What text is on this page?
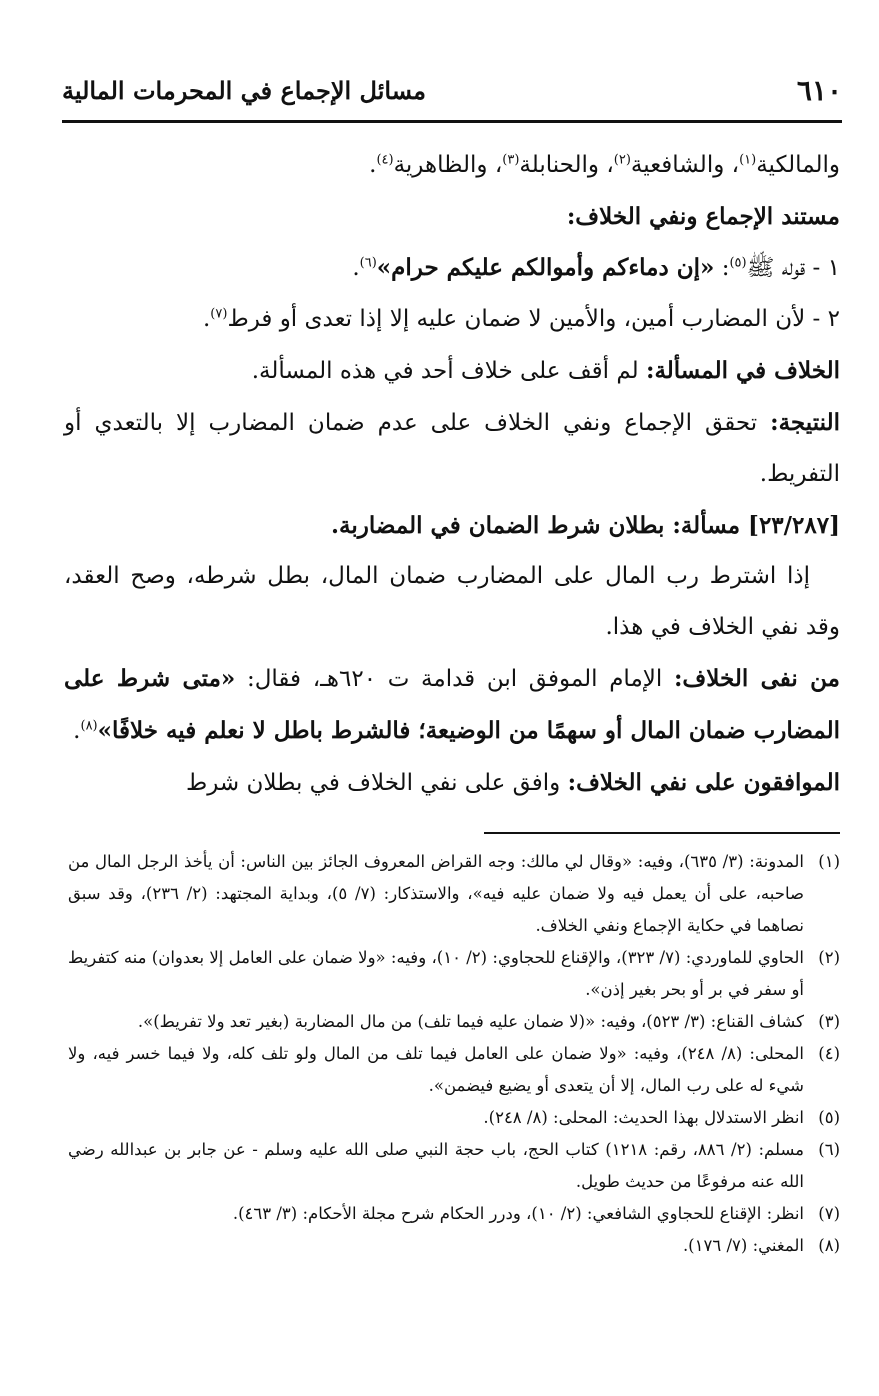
مسائل الإجماع في المحرمات المالية	٦١٠

والمالكية$^{(١)}$، والشافعية$^{(٢)}$، والحنابلة$^{(٣)}$، والظاهرية$^{(٤)}$.

مستند الإجماع ونفي الخلاف:

١ - قوله ﷺ$^{(٥)}$: «إن دماءكم وأموالكم عليكم حرام»$^{(٦)}$.

٢ - لأن المضارب أمين، والأمين لا ضمان عليه إلا إذا تعدى أو فرط$^{(٧)}$.

الخلاف في المسألة: لم أقف على خلاف أحد في هذه المسألة.

النتيجة: تحقق الإجماع ونفي الخلاف على عدم ضمان المضارب إلا بالتعدي أو التفريط.

[٢٣/٢٨٧] مسألة: بطلان شرط الضمان في المضاربة.

إذا اشترط رب المال على المضارب ضمان المال، بطل شرطه، وصح العقد، وقد نفي الخلاف في هذا.

من نفى الخلاف: الإمام الموفق ابن قدامة ت ٦٢٠هـ، فقال: «متى شرط على المضارب ضمان المال أو سهمًا من الوضيعة؛ فالشرط باطل لا نعلم فيه خلافًا»$^{(٨)}$.

الموافقون على نفي الخلاف: وافق على نفي الخلاف في بطلان شرط

(١)
المدونة: (٣/ ٦٣٥)، وفيه: «وقال لي مالك: وجه القراض المعروف الجائز بين الناس: أن يأخذ الرجل المال من صاحبه، على أن يعمل فيه ولا ضمان عليه فيه»، والاستذكار: (٧/ ٥)، وبداية المجتهد: (٢/ ٢٣٦)، وقد سبق نصاهما في حكاية الإجماع ونفي الخلاف.

(٢)
الحاوي للماوردي: (٧/ ٣٢٣)، والإقناع للحجاوي: (٢/ ١٠)، وفيه: «ولا ضمان على العامل إلا بعدوان) منه كتفريط أو سفر في بر أو بحر بغير إذن».

(٣)
كشاف القناع: (٣/ ٥٢٣)، وفيه: «(لا ضمان عليه فيما تلف) من مال المضاربة (بغير تعد ولا تفريط)».

(٤)
المحلى: (٨/ ٢٤٨)، وفيه: «ولا ضمان على العامل فيما تلف من المال ولو تلف كله، ولا فيما خسر فيه، ولا شيء له على رب المال، إلا أن يتعدى أو يضيع فيضمن».

(٥)
انظر الاستدلال بهذا الحديث: المحلى: (٨/ ٢٤٨).

(٦)
مسلم: (٢/ ٨٨٦، رقم: ١٢١٨) كتاب الحج، باب حجة النبي صلى الله عليه وسلم - عن جابر بن عبدالله رضي الله عنه مرفوعًا من حديث طويل.

(٧)
انظر: الإقناع للحجاوي الشافعي: (٢/ ١٠)، ودرر الحكام شرح مجلة الأحكام: (٣/ ٤٦٣).

(٨)
المغني: (٧/ ١٧٦).
